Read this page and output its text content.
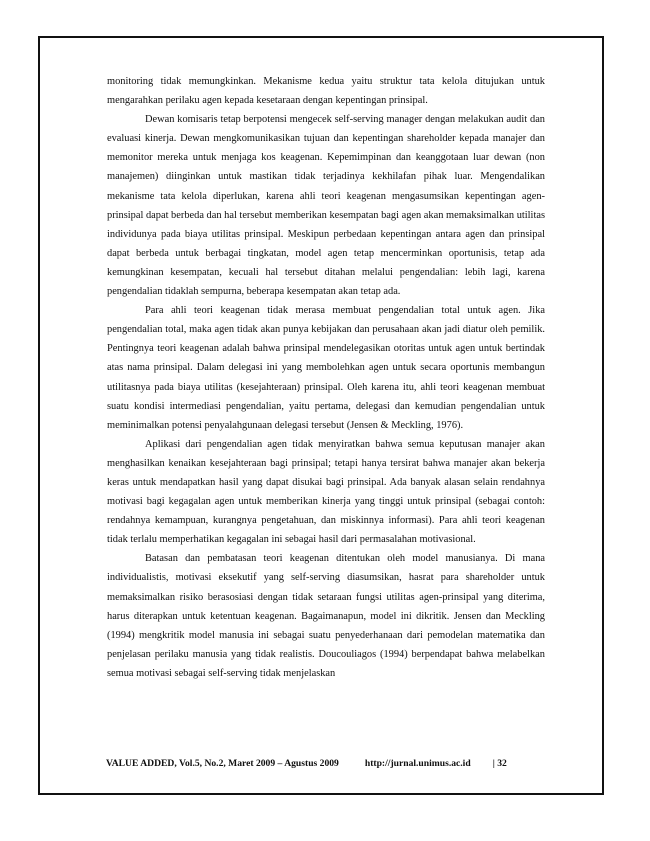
monitoring tidak memungkinkan. Mekanisme kedua yaitu struktur tata kelola ditujukan untuk mengarahkan perilaku agen kepada kesetaraan dengan kepentingan prinsipal.

Dewan komisaris tetap berpotensi mengecek self-serving manager dengan melakukan audit dan evaluasi kinerja. Dewan mengkomunikasikan tujuan dan kepentingan shareholder kepada manajer dan memonitor mereka untuk menjaga kos keagenan. Kepemimpinan dan keanggotaan luar dewan (non manajemen) diinginkan untuk mastikan tidak terjadinya kekhilafan pihak luar. Mengendalikan mekanisme tata kelola diperlukan, karena ahli teori keagenan mengasumsikan kepentingan agen-prinsipal dapat berbeda dan hal tersebut memberikan kesempatan bagi agen akan memaksimalkan utilitas individunya pada biaya utilitas prinsipal. Meskipun perbedaan kepentingan antara agen dan prinsipal dapat berbeda untuk berbagai tingkatan, model agen tetap mencerminkan oportunisis, tetap ada kemungkinan kesempatan, kecuali hal tersebut ditahan melalui pengendalian: lebih lagi, karena pengendalian tidaklah sempurna, beberapa kesempatan akan tetap ada.

Para ahli teori keagenan tidak merasa membuat pengendalian total untuk agen. Jika pengendalian total, maka agen tidak akan punya kebijakan dan perusahaan akan jadi diatur oleh pemilik. Pentingnya teori keagenan adalah bahwa prinsipal mendelegasikan otoritas untuk agen untuk bertindak atas nama prinsipal. Dalam delegasi ini yang membolehkan agen untuk secara oportunis membangun utilitasnya pada biaya utilitas (kesejahteraan) prinsipal. Oleh karena itu, ahli teori keagenan membuat suatu kondisi intermediasi pengendalian, yaitu pertama, delegasi dan kemudian pengendalian untuk meminimalkan potensi penyalahgunaan delegasi tersebut (Jensen & Meckling, 1976).

Aplikasi dari pengendalian agen tidak menyiratkan bahwa semua keputusan manajer akan menghasilkan kenaikan kesejahteraan bagi prinsipal; tetapi hanya tersirat bahwa manajer akan bekerja keras untuk mendapatkan hasil yang dapat disukai bagi prinsipal. Ada banyak alasan selain rendahnya motivasi bagi kegagalan agen untuk memberikan kinerja yang tinggi untuk prinsipal (sebagai contoh: rendahnya kemampuan, kurangnya pengetahuan, dan miskinnya informasi). Para ahli teori keagenan tidak terlalu memperhatikan kegagalan ini sebagai hasil dari permasalahan motivasional.

Batasan dan pembatasan teori keagenan ditentukan oleh model manusianya. Di mana individualistis, motivasi eksekutif yang self-serving diasumsikan, hasrat para shareholder untuk memaksimalkan risiko berasosiasi dengan tidak setaraan fungsi utilitas agen-prinsipal yang diterima, harus diterapkan untuk ketentuan keagenan. Bagaimanapun, model ini dikritik. Jensen dan Meckling (1994) mengkritik model manusia ini sebagai suatu penyederhanaan dari pemodelan matematika dan penjelasan perilaku manusia yang tidak realistis. Doucouliagos (1994) berpendapat bahwa melabelkan semua motivasi sebagai self-serving tidak menjelaskan

VALUE ADDED, Vol.5, No.2, Maret 2009 – Agustus 2009	http://jurnal.unimus.ac.id | 32
